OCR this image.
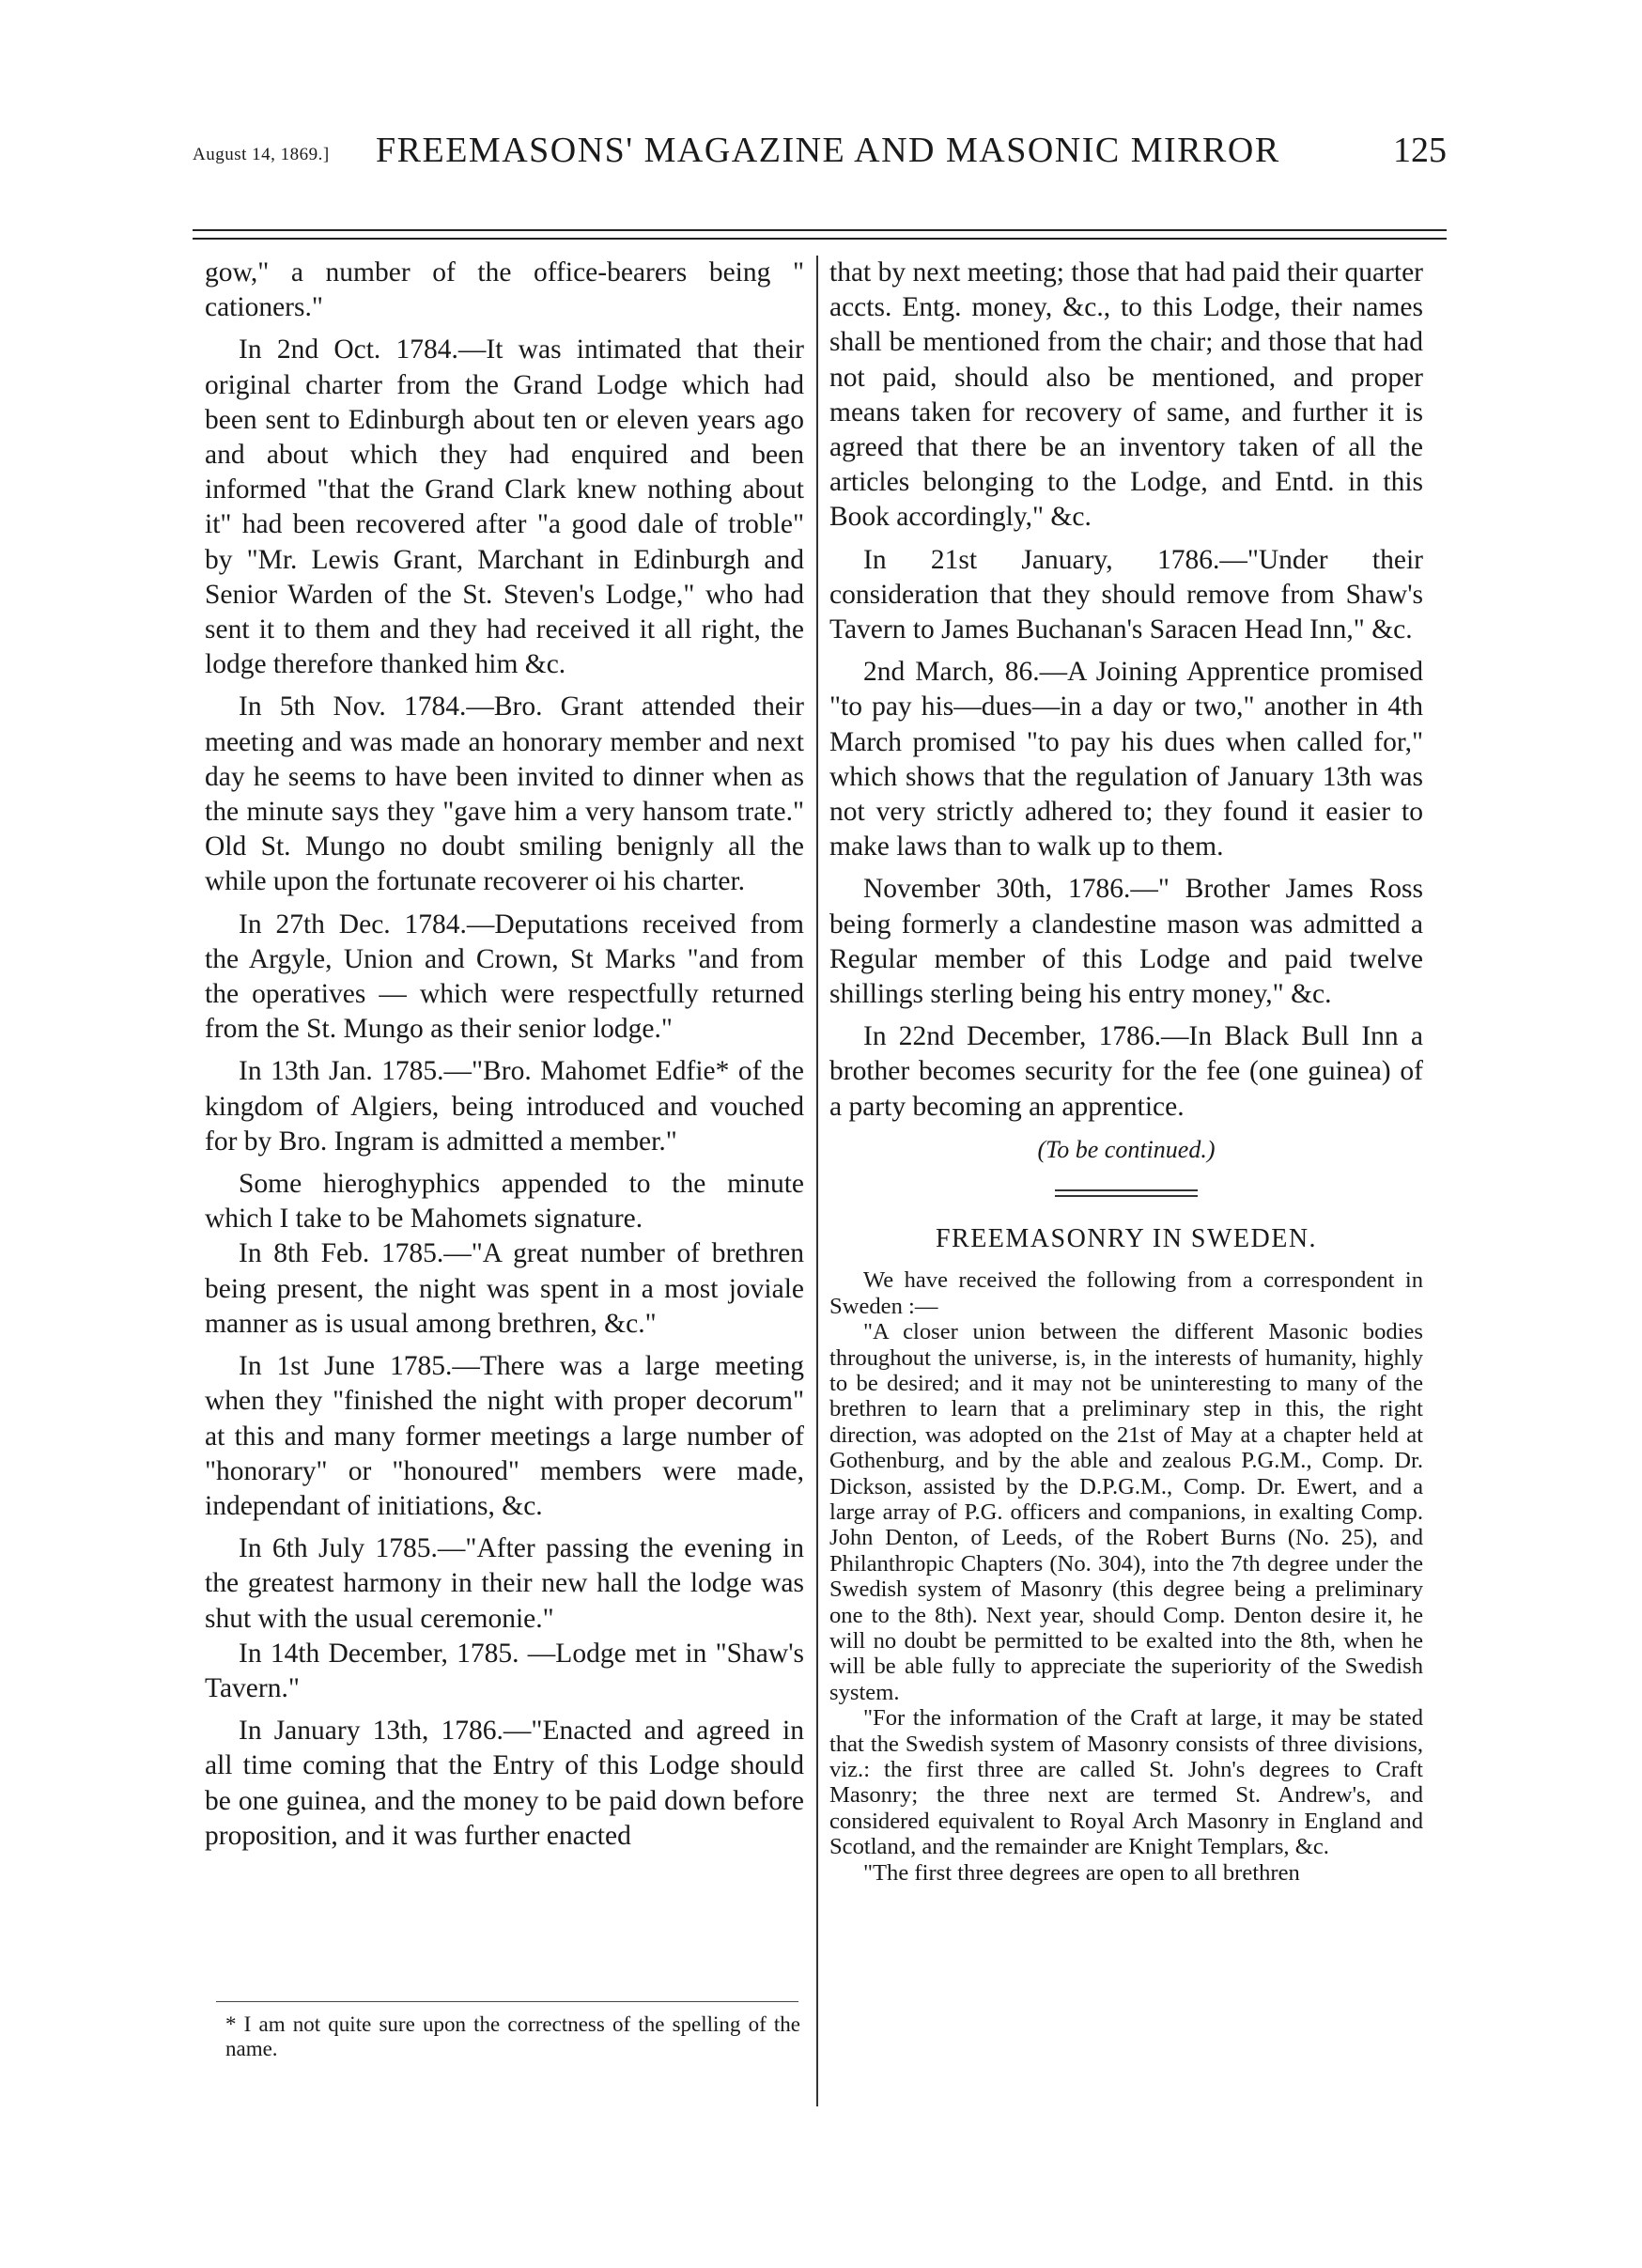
August 14, 1869.] FREEMASONS' MAGAZINE AND MASONIC MIRROR	125

gow," a number of the office-bearers being " cationers."

In 2nd Oct. 1784.—It was intimated that their original charter from the Grand Lodge which had been sent to Edinburgh about ten or eleven years ago and about which they had enquired and been informed "that the Grand Clark knew nothing about it" had been recovered after "a good dale of troble" by "Mr. Lewis Grant, Marchant in Edinburgh and Senior Warden of the St. Steven's Lodge," who had sent it to them and they had received it all right, the lodge therefore thanked him &c.

In 5th Nov. 1784.—Bro. Grant attended their meeting and was made an honorary member and next day he seems to have been invited to dinner when as the minute says they "gave him a very hansom trate." Old St. Mungo no doubt smiling benignly all the while upon the fortunate recoverer oi his charter.

In 27th Dec. 1784.—Deputations received from the Argyle, Union and Crown, St Marks "and from the operatives — which were respectfully returned from the St. Mungo as their senior lodge."

In 13th Jan. 1785.—"Bro. Mahomet Edfie* of the kingdom of Algiers, being introduced and vouched for by Bro. Ingram is admitted a member."

Some hieroghyphics appended to the minute which I take to be Mahomets signature.

In 8th Feb. 1785.—"A great number of brethren being present, the night was spent in a most joviale manner as is usual among brethren, &c."

In 1st June 1785.—There was a large meeting when they "finished the night with proper decorum" at this and many former meetings a large number of "honorary" or "honoured" members were made, independant of initiations, &c.

In 6th July 1785.—"After passing the evening in the greatest harmony in their new hall the lodge was shut with the usual ceremonie."

In 14th December, 1785. —Lodge met in "Shaw's Tavern."

In January 13th, 1786.—"Enacted and agreed in all time coming that the Entry of this Lodge should be one guinea, and the money to be paid down before proposition, and it was further enacted

* I am not quite sure upon the correctness of the spelling of the name.

that by next meeting; those that had paid their quarter accts. Entg. money, &c., to this Lodge, their names shall be mentioned from the chair; and those that had not paid, should also be mentioned, and proper means taken for recovery of same, and further it is agreed that there be an inventory taken of all the articles belonging to the Lodge, and Entd. in this Book accordingly," &c.

In 21st January, 1786.—"Under their consideration that they should remove from Shaw's Tavern to James Buchanan's Saracen Head Inn," &c.

2nd March, 86.—A Joining Apprentice promised "to pay his—dues—in a day or two," another in 4th March promised "to pay his dues when called for," which shows that the regulation of January 13th was not very strictly adhered to; they found it easier to make laws than to walk up to them.

November 30th, 1786.—" Brother James Ross being formerly a clandestine mason was admitted a Regular member of this Lodge and paid twelve shillings sterling being his entry money," &c.

In 22nd December, 1786.—In Black Bull Inn a brother becomes security for the fee (one guinea) of a party becoming an apprentice.

(To be continued.)

FREEMASONRY IN SWEDEN.

We have received the following from a correspondent in Sweden :—

"A closer union between the different Masonic bodies throughout the universe, is, in the interests of humanity, highly to be desired; and it may not be uninteresting to many of the brethren to learn that a preliminary step in this, the right direction, was adopted on the 21st of May at a chapter held at Gothenburg, and by the able and zealous P.G.M., Comp. Dr. Dickson, assisted by the D.P.G.M., Comp. Dr. Ewert, and a large array of P.G. officers and companions, in exalting Comp. John Denton, of Leeds, of the Robert Burns (No. 25), and Philanthropic Chapters (No. 304), into the 7th degree under the Swedish system of Masonry (this degree being a preliminary one to the 8th). Next year, should Comp. Denton desire it, he will no doubt be permitted to be exalted into the 8th, when he will be able fully to appreciate the superiority of the Swedish system.

"For the information of the Craft at large, it may be stated that the Swedish system of Masonry consists of three divisions, viz.: the first three are called St. John's degrees to Craft Masonry; the three next are termed St. Andrew's, and considered equivalent to Royal Arch Masonry in England and Scotland, and the remainder are Knight Templars, &c.

"The first three degrees are open to all brethren
